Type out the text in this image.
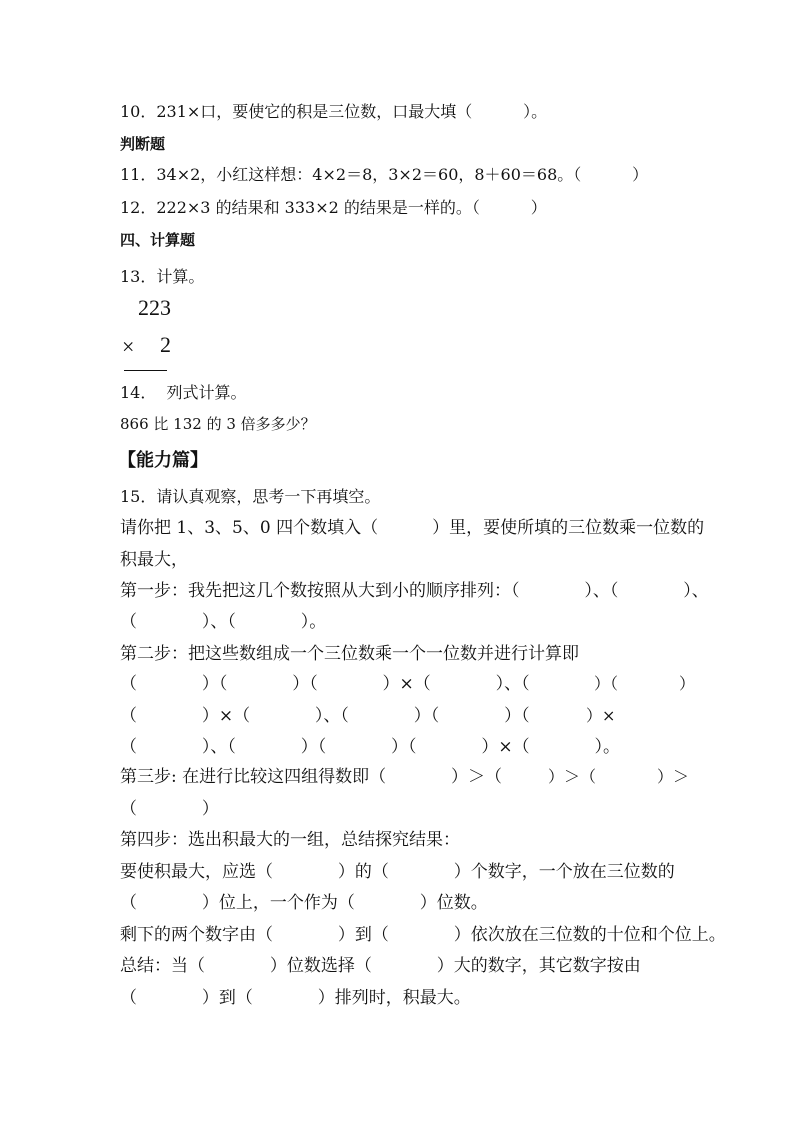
10．231×口，要使它的积是三位数，口最大填（          ）。
判断题
11．34×2，小红这样想：4×2＝8，3×2＝60，8＋60＝68。（          ）
12．222×3 的结果和 333×2 的结果是一样的。（          ）
四、计算题
13．计算。
223
× 2
14．  列式计算。
866 比 132 的 3 倍多多少？
【能力篇】
15．请认真观察，思考一下再填空。
请你把 1、3、5、0 四个数填入（          ）里，要使所填的三位数乘一位数的
积最大，
第一步：我先把这几个数按照从大到小的顺序排列：（            ）、（            ）、
（            ）、（            ）。
第二步：把这些数组成一个三位数乘一个一位数并进行计算即
（            ）（            ）（            ）×（            ）、（	）（            ）
（            ）×（            ）、（            ）（            ）（	）×
（            ）、（            ）（            ）（            ）×（            ）。
第三步: 在进行比较这四组得数即（            ）＞（	）＞（            ）＞
（            ）
第四步：选出积最大的一组，总结探究结果：
要使积最大，应选（            ）的（            ）个数字，一个放在三位数的
（            ）位上，一个作为（            ）位数。
剩下的两个数字由（            ）到（            ）依次放在三位数的十位和个位上。
总结：当（            ）位数选择（            ）大的数字，其它数字按由
（            ）到（            ）排列时，积最大。
